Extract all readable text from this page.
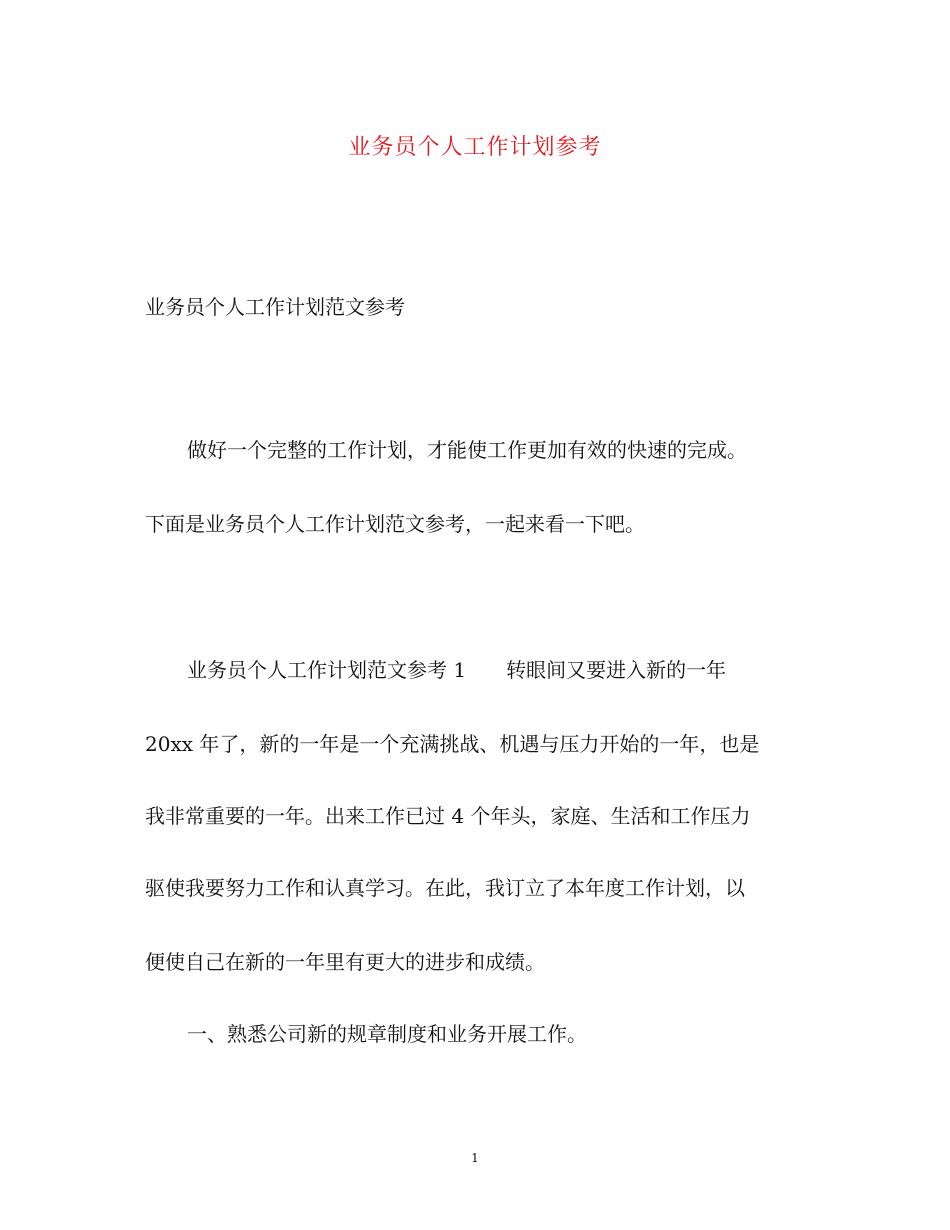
业务员个人工作计划参考
业务员个人工作计划范文参考
做好一个完整的工作计划，才能使工作更加有效的快速的完成。
下面是业务员个人工作计划范文参考，一起来看一下吧。
业务员个人工作计划范文参考 1　　转眼间又要进入新的一年
20xx 年了，新的一年是一个充满挑战、机遇与压力开始的一年，也是
我非常重要的一年。出来工作已过 4 个年头，家庭、生活和工作压力
驱使我要努力工作和认真学习。在此，我订立了本年度工作计划，以
便使自己在新的一年里有更大的进步和成绩。
一、熟悉公司新的规章制度和业务开展工作。
1
